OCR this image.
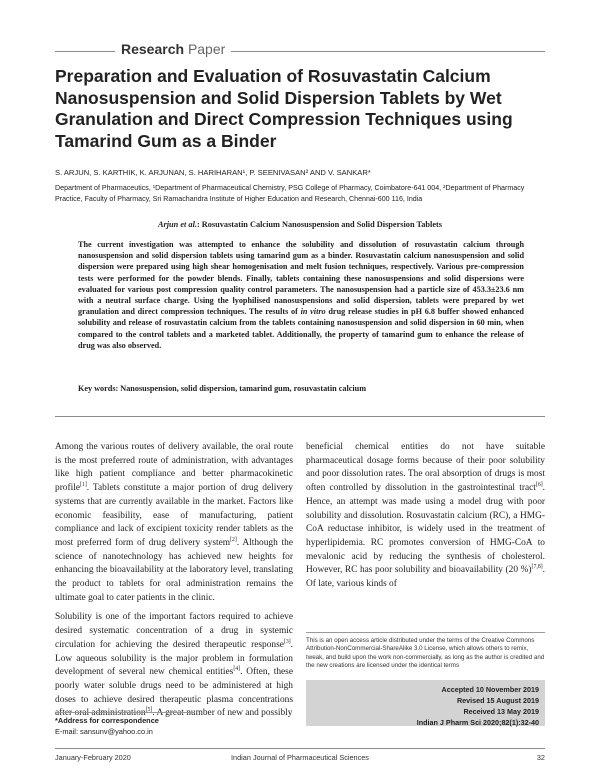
Research Paper
Preparation and Evaluation of Rosuvastatin Calcium Nanosuspension and Solid Dispersion Tablets by Wet Granulation and Direct Compression Techniques using Tamarind Gum as a Binder
S. ARJUN, S. KARTHIK, K. ARJUNAN, S. HARIHARAN¹, P. SEENIVASAN² AND V. SANKAR*
Department of Pharmaceutics, ¹Department of Pharmaceutical Chemistry, PSG College of Pharmacy, Coimbatore-641 004, ²Department of Pharmacy Practice, Faculty of Pharmacy, Sri Ramachandra Institute of Higher Education and Research, Chennai-600 116, India
Arjun et al.: Rosuvastatin Calcium Nanosuspension and Solid Dispersion Tablets
The current investigation was attempted to enhance the solubility and dissolution of rosuvastatin calcium through nanosuspension and solid dispersion tablets using tamarind gum as a binder. Rosuvastatin calcium nanosuspension and solid dispersion were prepared using high shear homogenisation and melt fusion techniques, respectively. Various pre-compression tests were performed for the powder blends. Finally, tablets containing these nanosuspensions and solid dispersions were evaluated for various post compression quality control parameters. The nanosuspension had a particle size of 453.3±23.6 nm with a neutral surface charge. Using the lyophilised nanosuspensions and solid dispersion, tablets were prepared by wet granulation and direct compression techniques. The results of in vitro drug release studies in pH 6.8 buffer showed enhanced solubility and release of rosuvastatin calcium from the tablets containing nanosuspension and solid dispersion in 60 min, when compared to the control tablets and a marketed tablet. Additionally, the property of tamarind gum to enhance the release of drug was also observed.
Key words: Nanosuspension, solid dispersion, tamarind gum, rosuvastatin calcium

Among the various routes of delivery available, the oral route is the most preferred route of administration, with advantages like high patient compliance and better pharmacokinetic profile[1]. Tablets constitute a major portion of drug delivery systems that are currently available in the market. Factors like economic feasibility, ease of manufacturing, patient compliance and lack of excipient toxicity render tablets as the most preferred form of drug delivery system[2]. Although the science of nanotechnology has achieved new heights for enhancing the bioavailability at the laboratory level, translating the product to tablets for oral administration remains the ultimate goal to cater patients in the clinic.

Solubility is one of the important factors required to achieve desired systematic concentration of a drug in systemic circulation for achieving the desired therapeutic response[3]. Low aqueous solubility is the major problem in formulation development of several new chemical entities[4]. Often, these poorly water soluble drugs need to be administered at high doses to achieve desired therapeutic plasma concentrations after oral administration[5]. A great number of new and possibly

beneficial chemical entities do not have suitable pharmaceutical dosage forms because of their poor solubility and poor dissolution rates. The oral absorption of drugs is most often controlled by dissolution in the gastrointestinal tract[6]. Hence, an attempt was made using a model drug with poor solubility and dissolution. Rosuvastatin calcium (RC), a HMG-CoA reductase inhibitor, is widely used in the treatment of hyperlipidemia. RC promotes conversion of HMG-CoA to mevalonic acid by reducing the synthesis of cholesterol. However, RC has poor solubility and bioavailability (20 %)[7,8]. Of late, various kinds of

This is an open access article distributed under the terms of the Creative Commons Attribution-NonCommercial-ShareAlike 3.0 License, which allows others to remix, tweak, and build upon the work non-commercially, as long as the author is credited and the new creations are licensed under the identical terms
Accepted 10 November 2019
Revised 15 August 2019
Received 13 May 2019
Indian J Pharm Sci 2020;82(1):32-40
*Address for correspondence
E-mail: sansunv@yahoo.co.in
January-February 2020	Indian Journal of Pharmaceutical Sciences	32
